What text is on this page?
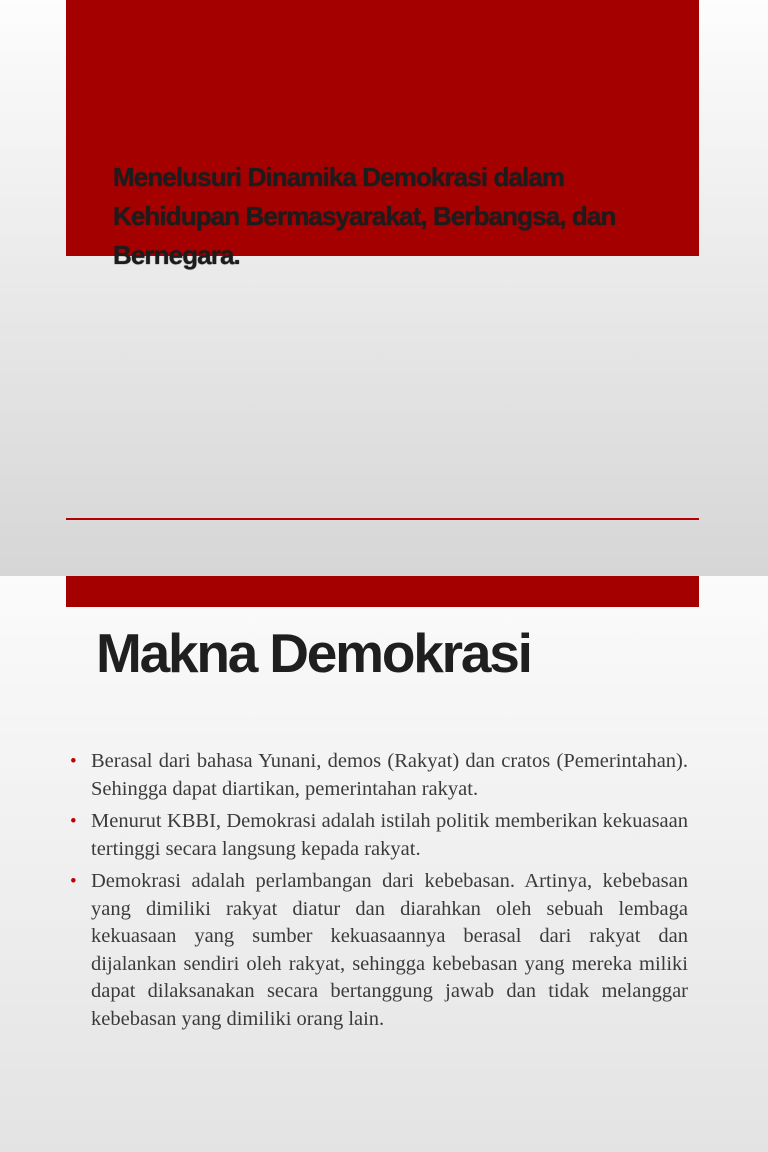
Menelusuri Dinamika Demokrasi dalam Kehidupan Bermasyarakat, Berbangsa, dan Bernegara.
Makna Demokrasi
• Berasal dari bahasa Yunani, demos (Rakyat) dan cratos (Pemerintahan). Sehingga dapat diartikan, pemerintahan rakyat.
• Menurut KBBI, Demokrasi adalah istilah politik memberikan kekuasaan tertinggi secara langsung kepada rakyat.
• Demokrasi adalah perlambangan dari kebebasan. Artinya, kebebasan yang dimiliki rakyat diatur dan diarahkan oleh sebuah lembaga kekuasaan yang sumber kekuasaannya berasal dari rakyat dan dijalankan sendiri oleh rakyat, sehingga kebebasan yang mereka miliki dapat dilaksanakan secara bertanggung jawab dan tidak melanggar kebebasan yang dimiliki orang lain.
